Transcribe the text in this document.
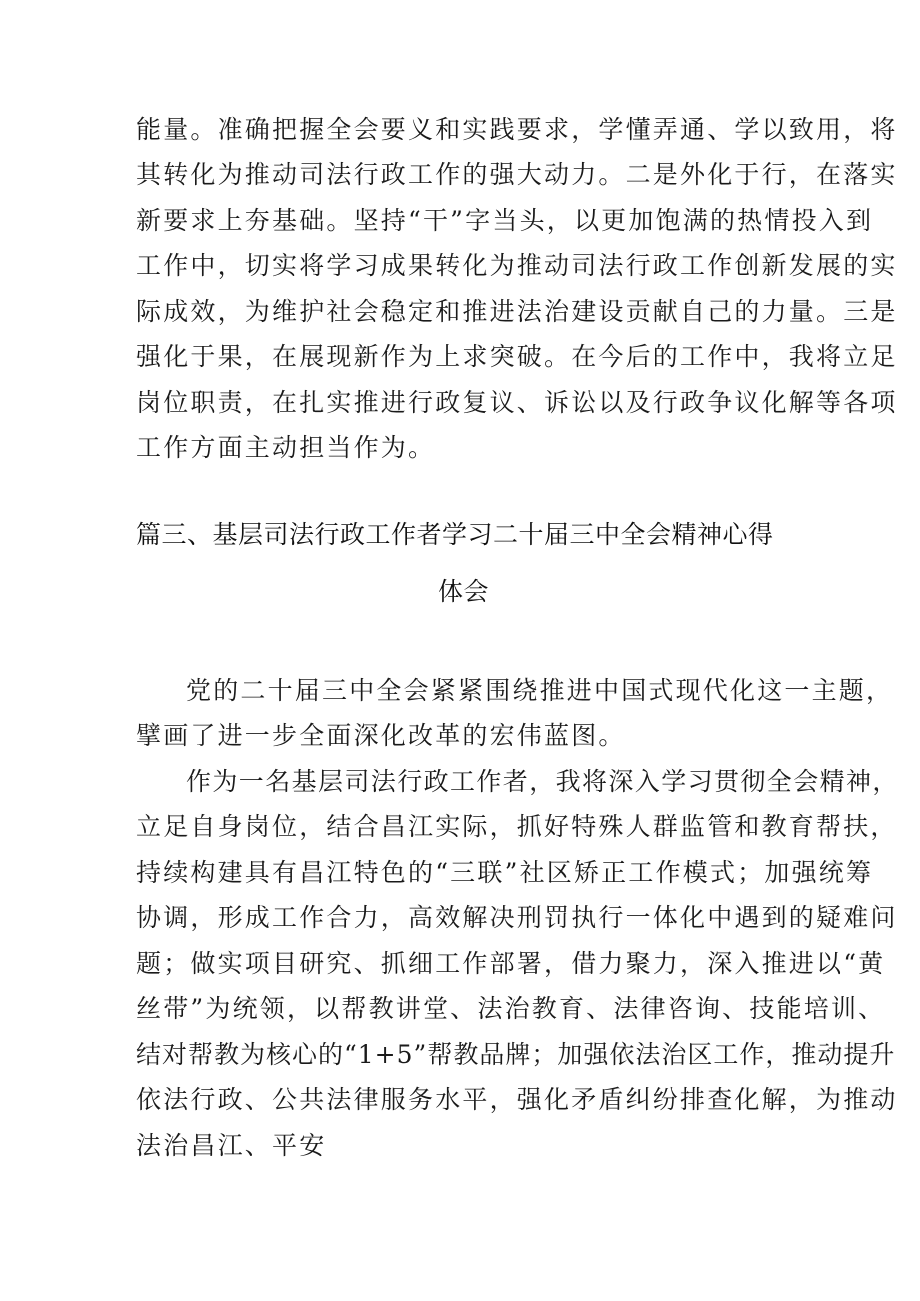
能量。准确把握全会要义和实践要求，学懂弄通、学以致用，将
其转化为推动司法行政工作的强大动力。二是外化于行，在落实
新要求上夯基础。坚持“干”字当头，以更加饱满的热情投入到
工作中，切实将学习成果转化为推动司法行政工作创新发展的实
际成效，为维护社会稳定和推进法治建设贡献自己的力量。三是
强化于果，在展现新作为上求突破。在今后的工作中，我将立足
岗位职责，在扎实推进行政复议、诉讼以及行政争议化解等各项
工作方面主动担当作为。
篇三、基层司法行政工作者学习二十届三中全会精神心得
体会
党的二十届三中全会紧紧围绕推进中国式现代化这一主题，
擘画了进一步全面深化改革的宏伟蓝图。
作为一名基层司法行政工作者，我将深入学习贯彻全会精神，
立足自身岗位，结合昌江实际，抓好特殊人群监管和教育帮扶，
持续构建具有昌江特色的“三联”社区矫正工作模式；加强统筹
协调，形成工作合力，高效解决刑罚执行一体化中遇到的疑难问
题；做实项目研究、抓细工作部署，借力聚力，深入推进以“黄
丝带”为统领，以帮教讲堂、法治教育、法律咨询、技能培训、
结对帮教为核心的“1+5”帮教品牌；加强依法治区工作，推动提升
依法行政、公共法律服务水平，强化矛盾纠纷排查化解，为推动
法治昌江、平安
